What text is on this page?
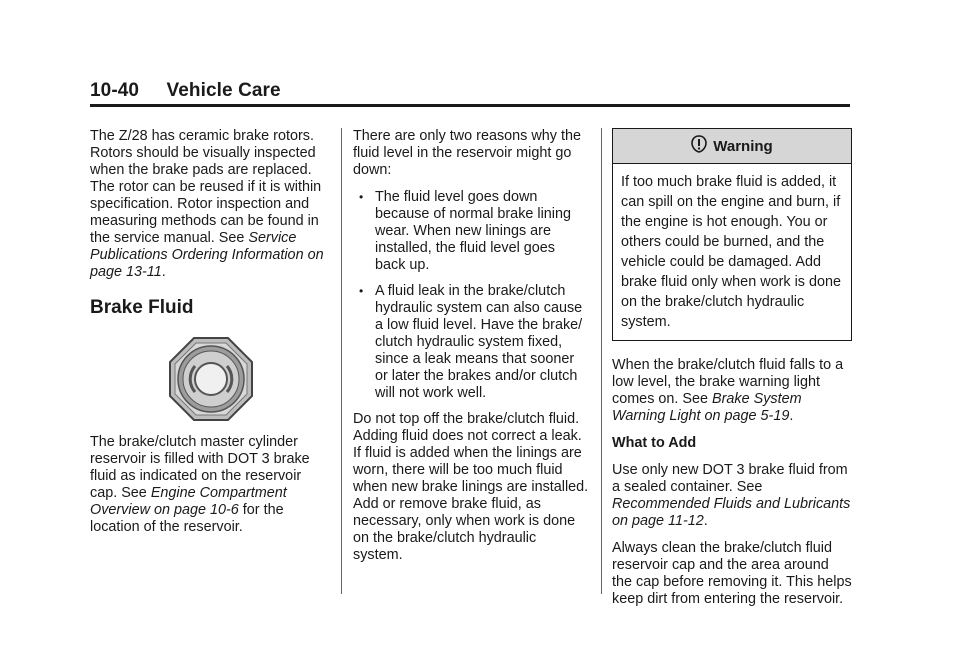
10-40 Vehicle Care

The Z/28 has ceramic brake rotors. Rotors should be visually inspected when the brake pads are replaced. The rotor can be reused if it is within specification. Rotor inspection and measuring methods can be found in the service manual. See Service Publications Ordering Information on page 13-11.

Brake Fluid

The brake/clutch master cylinder reservoir is filled with DOT 3 brake fluid as indicated on the reservoir cap. See Engine Compartment Overview on page 10-6 for the location of the reservoir.

There are only two reasons why the fluid level in the reservoir might go down:

• The fluid level goes down because of normal brake lining wear. When new linings are installed, the fluid level goes back up.
• A fluid leak in the brake/clutch hydraulic system can also cause a low fluid level. Have the brake/ clutch hydraulic system fixed, since a leak means that sooner or later the brakes and/or clutch will not work well.

Do not top off the brake/clutch fluid. Adding fluid does not correct a leak. If fluid is added when the linings are worn, there will be too much fluid when new brake linings are installed. Add or remove brake fluid, as necessary, only when work is done on the brake/clutch hydraulic system.

Warning
If too much brake fluid is added, it can spill on the engine and burn, if the engine is hot enough. You or others could be burned, and the vehicle could be damaged. Add brake fluid only when work is done on the brake/clutch hydraulic system.

When the brake/clutch fluid falls to a low level, the brake warning light comes on. See Brake System Warning Light on page 5-19.

What to Add

Use only new DOT 3 brake fluid from a sealed container. See Recommended Fluids and Lubricants on page 11-12.

Always clean the brake/clutch fluid reservoir cap and the area around the cap before removing it. This helps keep dirt from entering the reservoir.
